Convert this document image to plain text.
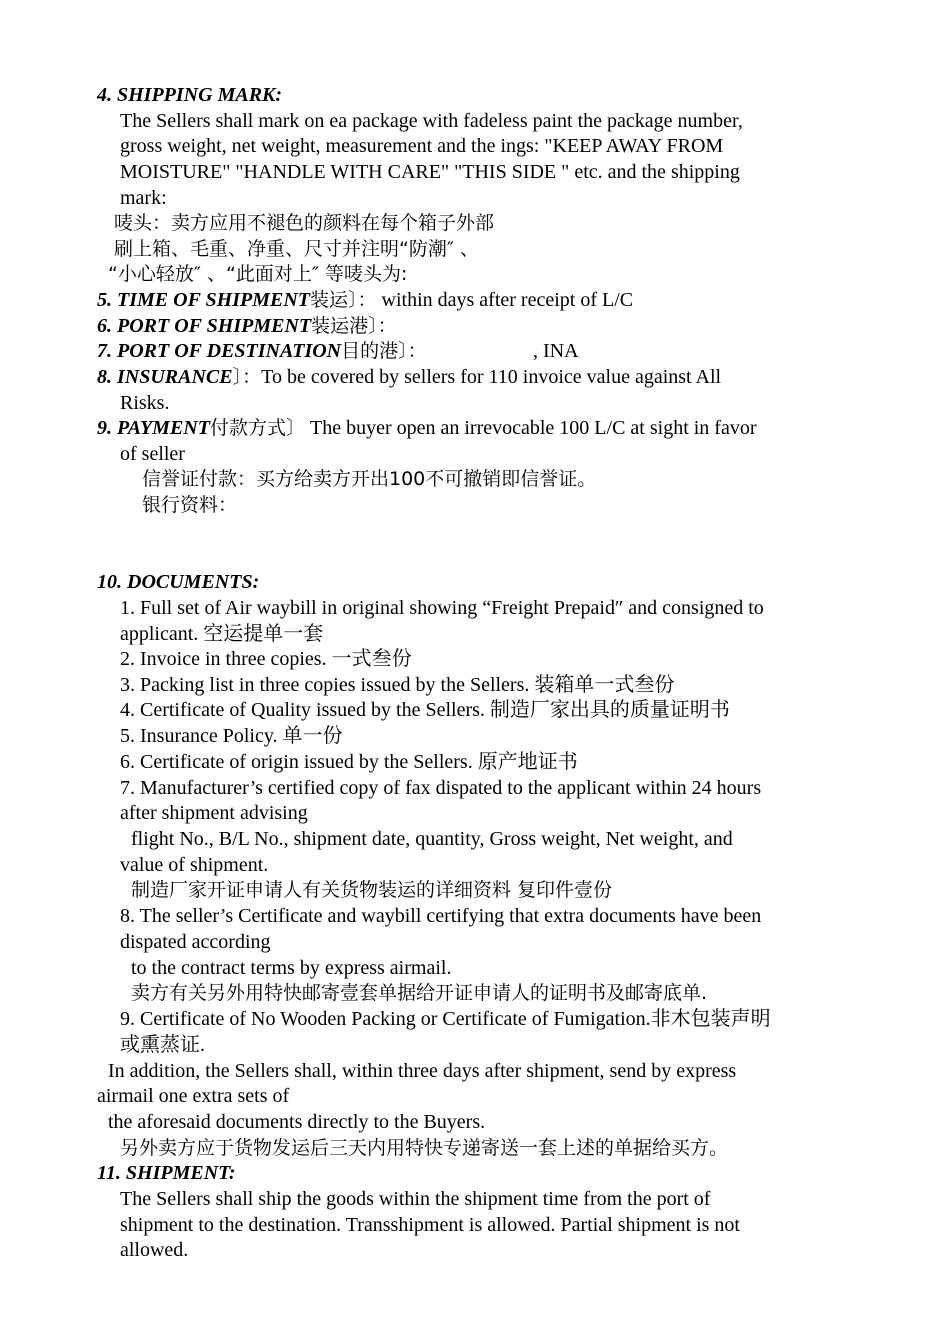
4. SHIPPING MARK:
The Sellers shall mark on ea package with fadeless paint the package number,
gross weight, net weight, measurement and the ings: "KEEP AWAY FROM
MOISTURE" "HANDLE WITH CARE" "THIS SIDE " etc. and the shipping
mark:
唛头：卖方应用不褪色的颜料在每个箱子外部
刷上箱、毛重、净重、尺寸并注明“防潮″ 、
“小心轻放″ 、“此面对上″ 等唛头为:
5. TIME OF SHIPMENT装运〕： within days after receipt of L/C
6. PORT OF SHIPMENT装运港〕：
7. PORT OF DESTINATION目的港〕：	, INA
8. INSURANCE〕：To be covered by sellers for 110 invoice value against All
Risks.
9. PAYMENT付款方式〕 The buyer open an irrevocable 100 L/C at sight in favor
of seller
信誉证付款：买方给卖方开出100不可撤销即信誉证。
银行资料：
10. DOCUMENTS:
1. Full set of Air waybill in original showing “Freight Prepaid″ and consigned to
applicant. 空运提单一套
2. Invoice in three copies. 一式叁份
3. Packing list in three copies issued by the Sellers. 装箱单一式叁份
4. Certificate of Quality issued by the Sellers. 制造厂家出具的质量证明书
5. Insurance Policy. 单一份
6. Certificate of origin issued by the Sellers. 原产地证书
7. Manufacturer’s certified copy of fax dispated to the applicant within 24 hours
after shipment advising
flight No., B/L No., shipment date, quantity, Gross weight, Net weight, and
value of shipment.
制造厂家开证申请人有关货物装运的详细资料 复印件壹份
8. The seller’s Certificate and waybill certifying that extra documents have been
dispated according
to the contract terms by express airmail.
卖方有关另外用特快邮寄壹套单据给开证申请人的证明书及邮寄底单.
9. Certificate of No Wooden Packing or Certificate of Fumigation.非木包装声明
或熏蒸证.
In addition, the Sellers shall, within three days after shipment, send by express
airmail one extra sets of
the aforesaid documents directly to the Buyers.
另外卖方应于货物发运后三天内用特快专递寄送一套上述的单据给买方。
11. SHIPMENT:
The Sellers shall ship the goods within the shipment time from the port of
shipment to the destination. Transshipment is allowed. Partial shipment is not
allowed.
